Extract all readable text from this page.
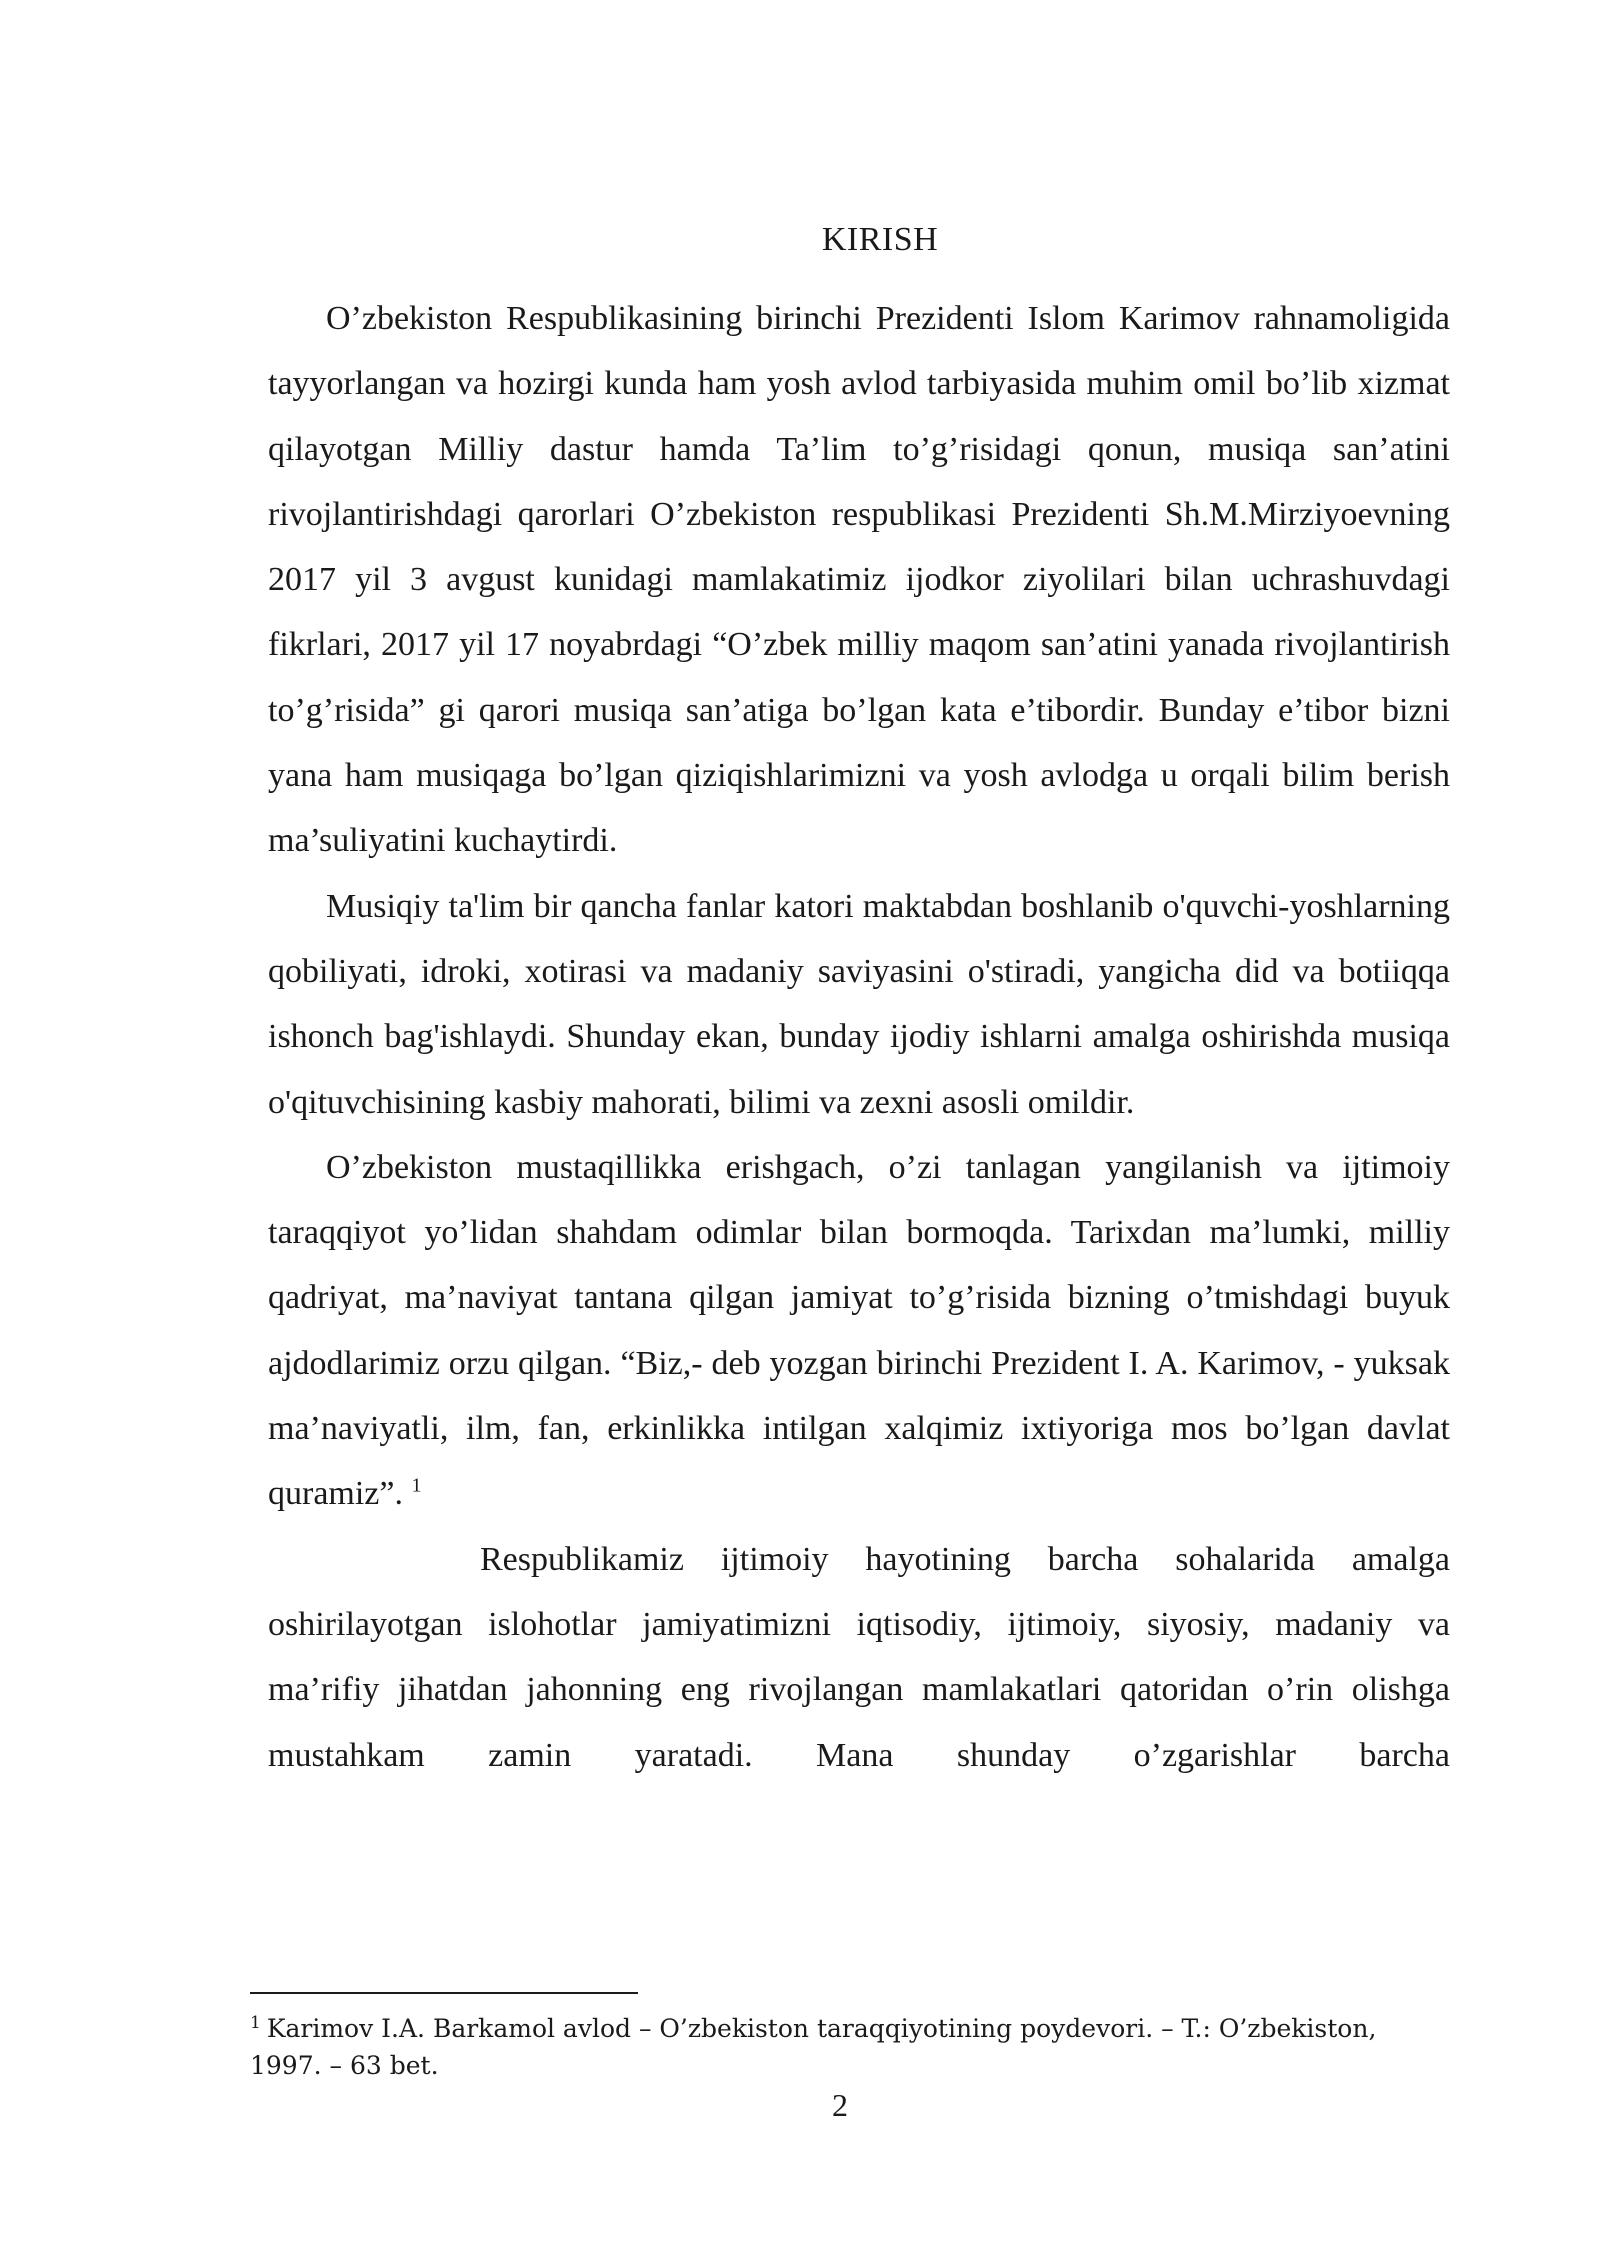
KIRISH

O’zbekiston Respublikasining birinchi Prezidenti Islom Karimov rahnamoligida tayyorlangan va hozirgi kunda ham yosh avlod tarbiyasida muhim omil bo’lib xizmat qilayotgan Milliy dastur hamda Ta’lim to’g’risidagi qonun, musiqa san’atini rivojlantirishdagi qarorlari O’zbekiston respublikasi Prezidenti Sh.M.Mirziyoevning 2017 yil 3 avgust kunidagi mamlakatimiz ijodkor ziyolilari bilan uchrashuvdagi fikrlari, 2017 yil 17 noyabrdagi “O’zbek milliy maqom san’atini yanada rivojlantirish to’g’risida” gi qarori musiqa san’atiga bo’lgan kata e’tibordir. Bunday e’tibor bizni yana ham musiqaga bo’lgan qiziqishlarimizni va yosh avlodga u orqali bilim berish ma’suliyatini kuchaytirdi.

Musiqiy ta'lim bir qancha fanlar katori maktabdan boshlanib o'quvchi-yoshlarning qobiliyati, idroki, xotirasi va madaniy saviyasini o'stiradi, yangicha did va botiiqqa ishonch bag'ishlaydi. Shunday ekan, bunday ijodiy ishlarni amalga oshirishda musiqa o'qituvchisining kasbiy mahorati, bilimi va zexni asosli omildir.

O’zbekiston mustaqillikka erishgach, o’zi tanlagan yangilanish va ijtimoiy taraqqiyot yo’lidan shahdam odimlar bilan bormoqda. Tarixdan ma’lumki, milliy qadriyat, ma’naviyat tantana qilgan jamiyat to’g’risida bizning o’tmishdagi buyuk ajdodlarimiz orzu qilgan. “Biz,- deb yozgan birinchi Prezident I. A. Karimov, - yuksak ma’naviyatli, ilm, fan, erkinlikka intilgan xalqimiz ixtiyoriga mos bo’lgan davlat quramiz”. $^1$

Respublikamiz ijtimoiy hayotining barcha sohalarida amalga oshirilayotgan islohotlar jamiyatimizni iqtisodiy, ijtimoiy, siyosiy, madaniy va ma’rifiy jihatdan jahonning eng rivojlangan mamlakatlari qatoridan o’rin olishga mustahkam zamin yaratadi. Mana shunday o’zgarishlar barcha

$^1$ Karimov I.A. Barkamol avlod – O’zbekiston taraqqiyotining poydevori. – T.: O’zbekiston, 1997. – 63 bet.
2
